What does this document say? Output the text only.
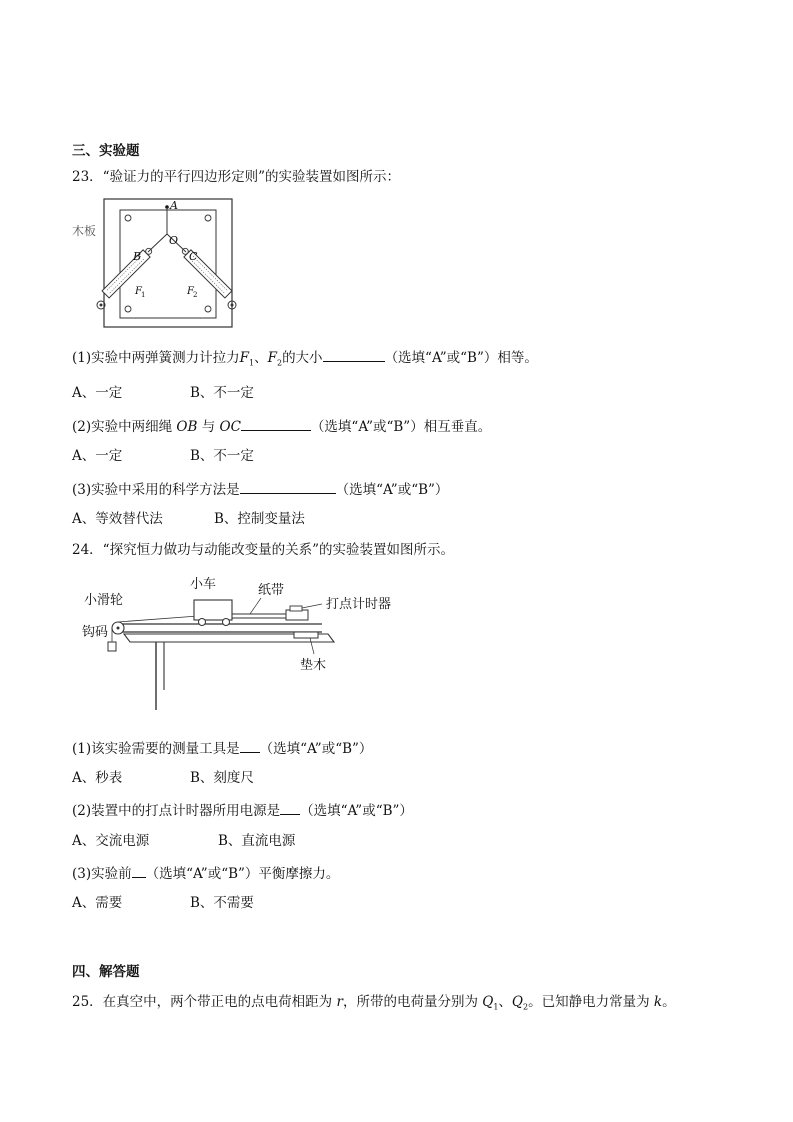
三、实验题
23．“验证力的平行四边形定则”的实验装置如图所示：
木板
A
O
B	C
F 1	F 2
(1)实验中两弹簧测力计拉力$F_1$、$F_2$的大小	（选填“A”或“B”）相等。
A、一定	B、不一定
(2)实验中两细绳 OB 与 OC	（选填“A”或“B”）相互垂直。
A、一定	B、不一定
(3)实验中采用的科学方法是	（选填“A”或“B”）
A、等效替代法	B、控制变量法
24．“探究恒力做功与动能改变量的关系”的实验装置如图所示。
小车	纸带
小滑轮	打点计时器
钩码
垫木
(1)该实验需要的测量工具是 （选填“A”或“B”）
A、秒表	B、刻度尺
(2)装置中的打点计时器所用电源是 （选填“A”或“B”）
A、交流电源	B、直流电源
(3)实验前 （选填“A”或“B”）平衡摩擦力。
A、需要	B、不需要
四、解答题
25．在真空中，两个带正电的点电荷相距为 r，所带的电荷量分别为 $Q_1$、$Q_2$。已知静电力常量为 k。
